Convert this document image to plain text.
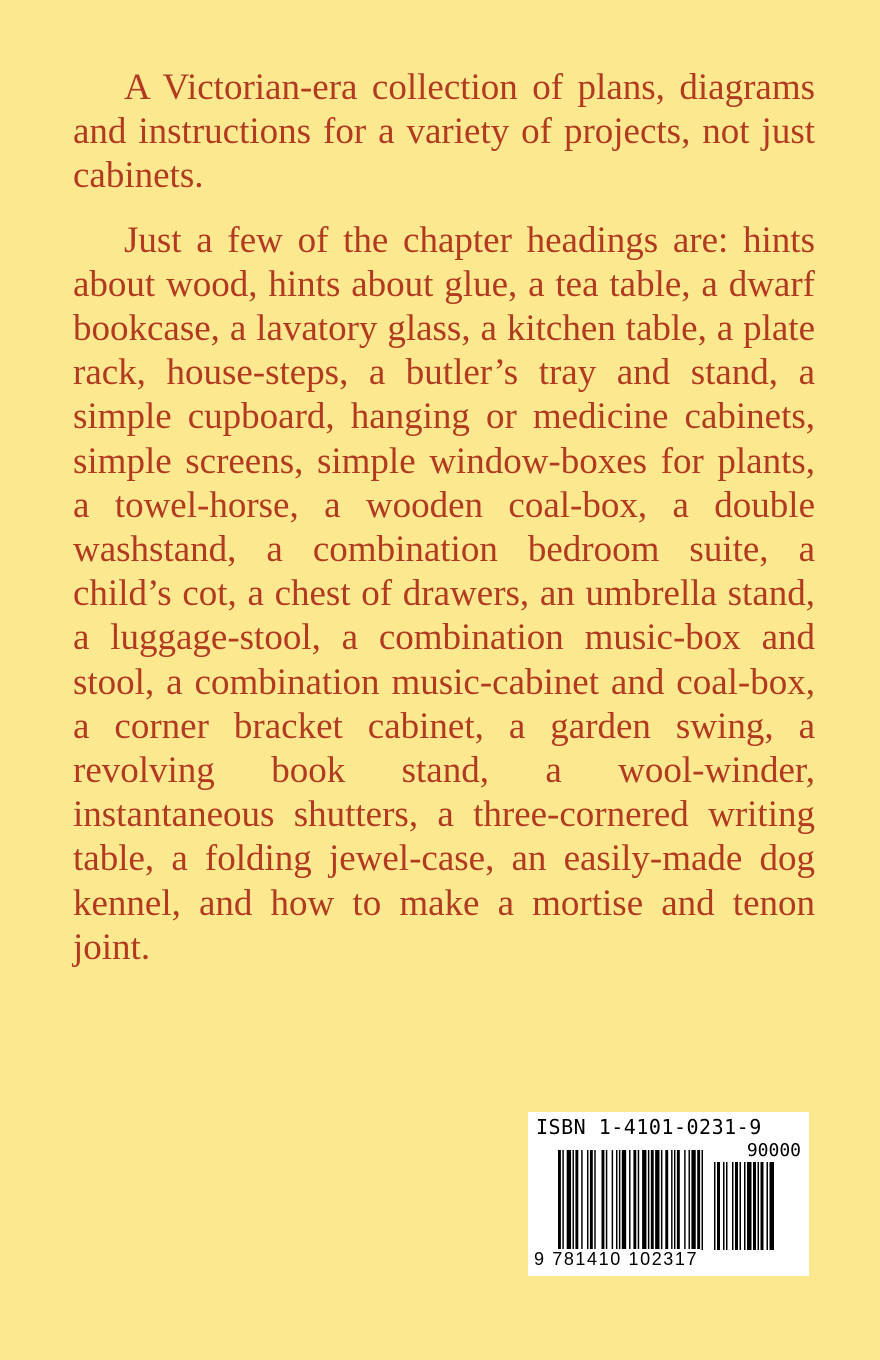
A Victorian-era collection of plans, diagrams and instructions for a variety of projects, not just cabinets.

Just a few of the chapter headings are: hints about wood, hints about glue, a tea table, a dwarf bookcase, a lavatory glass, a kitchen table, a plate rack, house-steps, a butler’s tray and stand, a simple cupboard, hanging or medicine cabinets, simple screens, simple window-boxes for plants, a towel-horse, a wooden coal-box, a double washstand, a combination bedroom suite, a child’s cot, a chest of drawers, an umbrella stand, a luggage-stool, a combination music-box and stool, a combination music-cabinet and coal-box, a corner bracket cabinet, a garden swing, a revolving book stand, a wool-winder, instantaneous shutters, a three-cornered writing table, a folding jewel-case, an easily-made dog kennel, and how to make a mortise and tenon joint.

ISBN 1-4101-0231-9
90000
9 781410 102317
